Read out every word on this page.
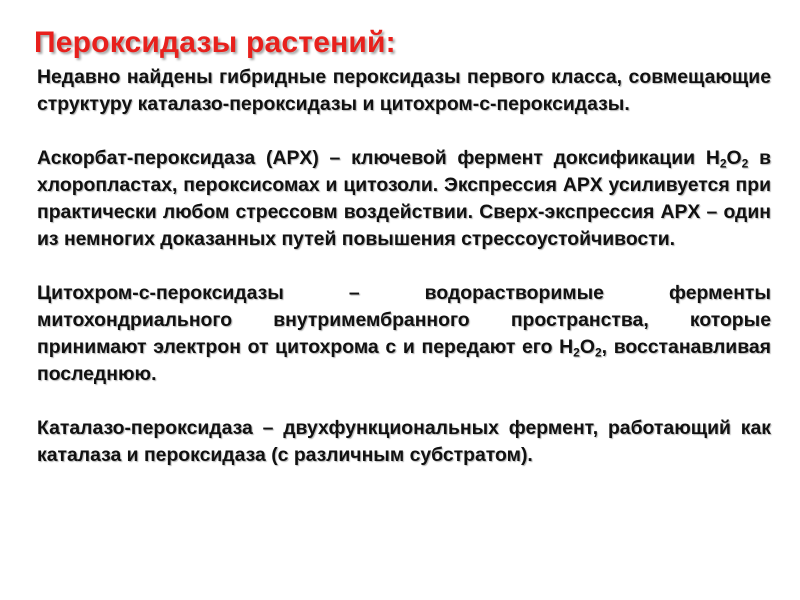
Пероксидазы растений:

Недавно найдены гибридные пероксидазы первого класса, совмещающие структуру каталазо-пероксидазы и цитохром-с-пероксидазы.

Аскорбат-пероксидаза (APX) – ключевой фермент доксификации $H_2O_2$ в хлоропластах, пероксисомах и цитозоли. Экспрессия APX усиливуется при практически любом стрессовм воздействии. Сверх-экспрессия APX – один из немногих доказанных путей повышения стрессоустойчивости.

Цитохром-с-пероксидазы – водорастворимые ферменты митохондриального внутримембранного пространства, которые принимают электрон от цитохрома с и передают его $H_2O_2$, восстанавливая последнюю.

Каталазо-пероксидаза – двухфункциональных фермент, работающий как каталаза и пероксидаза (с различным субстратом).
